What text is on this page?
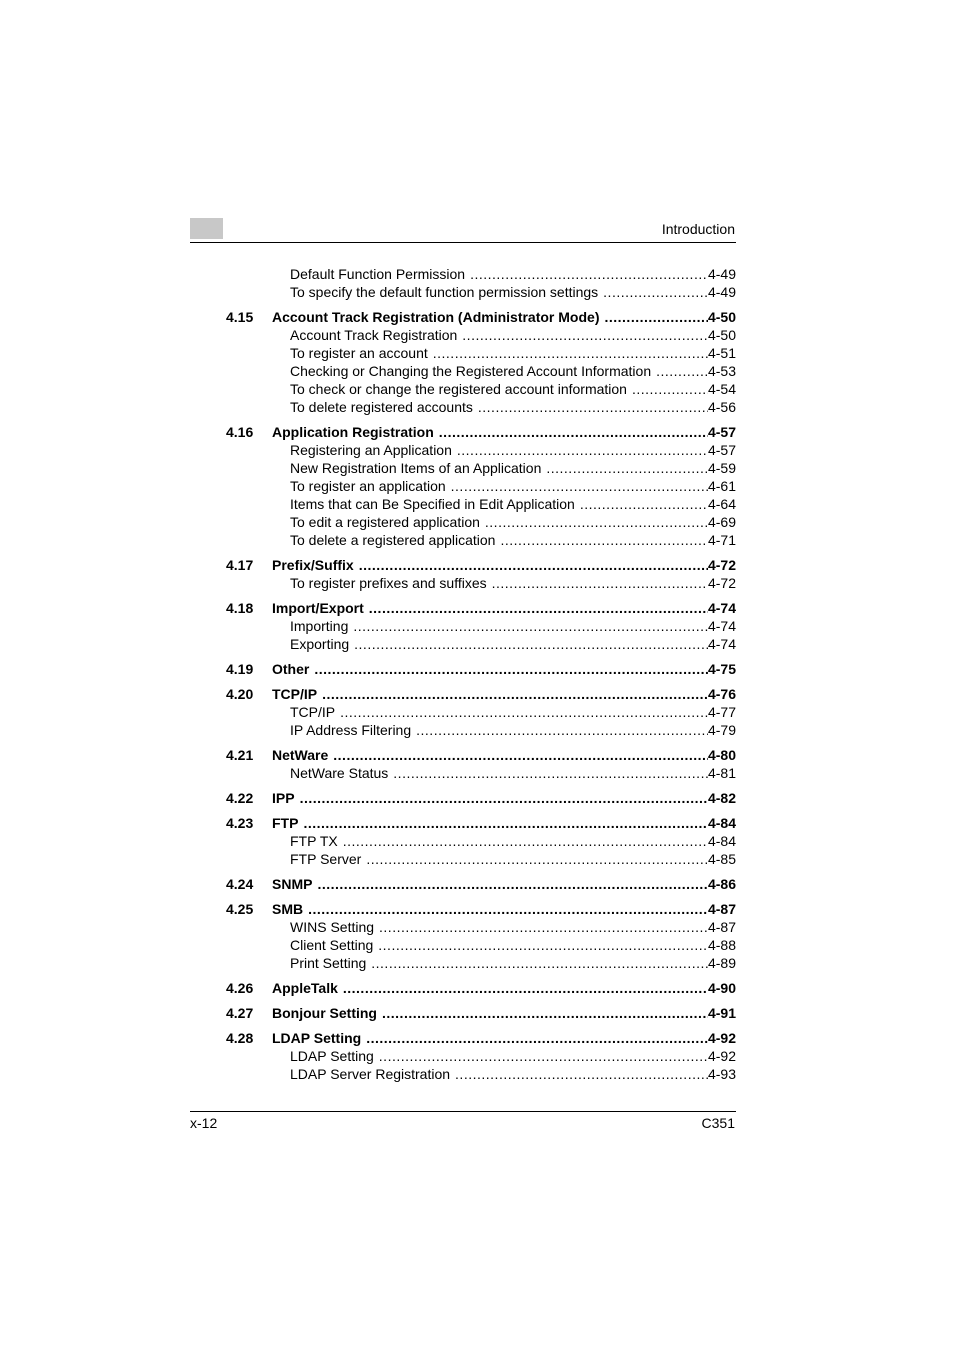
Introduction
Default Function Permission .....	4-49
To specify the default function permission settings .....	4-49
4.15 Account Track Registration (Administrator Mode) .....	4-50
Account Track Registration .....	4-50
To register an account .....	4-51
Checking or Changing the Registered Account Information .....	4-53
To check or change the registered account information .....	4-54
To delete registered accounts .....	4-56
4.16 Application Registration .....	4-57
Registering an Application .....	4-57
New Registration Items of an Application .....	4-59
To register an application .....	4-61
Items that can Be Specified in Edit Application .....	4-64
To edit a registered application .....	4-69
To delete a registered application .....	4-71
4.17 Prefix/Suffix .....	4-72
To register prefixes and suffixes .....	4-72
4.18 Import/Export .....	4-74
Importing .....	4-74
Exporting .....	4-74
4.19 Other .....	4-75
4.20 TCP/IP .....	4-76
TCP/IP .....	4-77
IP Address Filtering .....	4-79
4.21 NetWare .....	4-80
NetWare Status .....	4-81
4.22 IPP .....	4-82
4.23 FTP .....	4-84
FTP TX .....	4-84
FTP Server .....	4-85
4.24 SNMP .....	4-86
4.25 SMB .....	4-87
WINS Setting .....	4-87
Client Setting .....	4-88
Print Setting .....	4-89
4.26 AppleTalk .....	4-90
4.27 Bonjour Setting .....	4-91
4.28 LDAP Setting .....	4-92
LDAP Setting .....	4-92
LDAP Server Registration .....	4-93
x-12	C351
